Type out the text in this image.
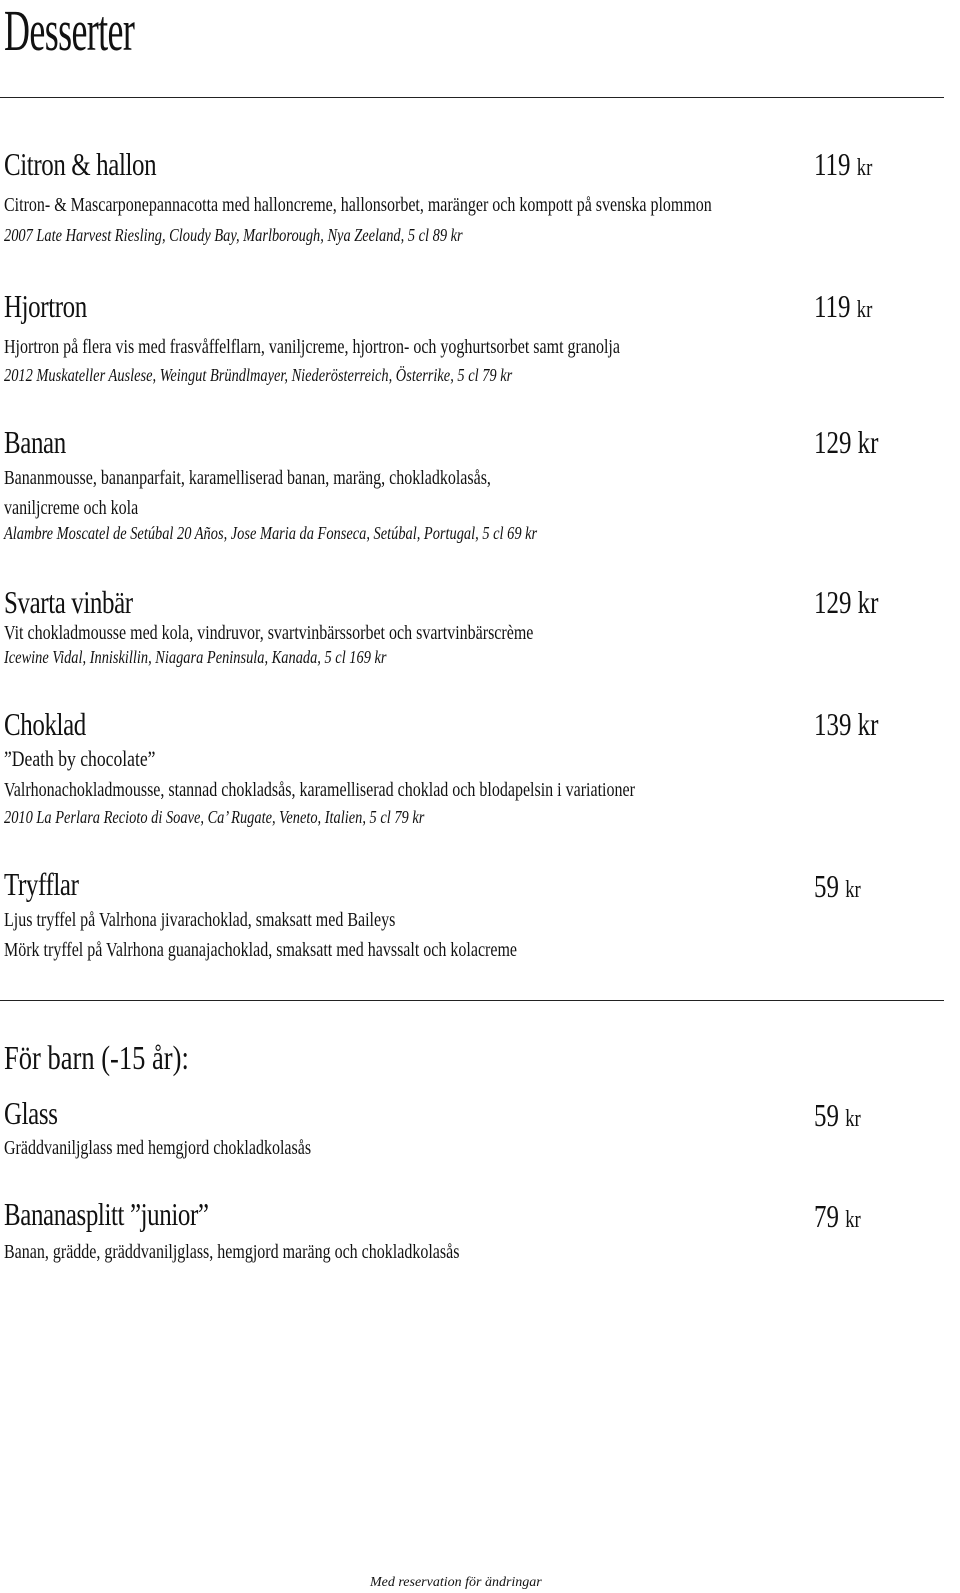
Desserter
Citron & hallon	119 kr
Citron- & Mascarponepannacotta med halloncreme, hallonsorbet, maränger och kompott på svenska plommon
2007 Late Harvest Riesling, Cloudy Bay, Marlborough, Nya Zeeland, 5 cl 89 kr
Hjortron	119 kr
Hjortron på flera vis med frasvåffelflarn, vaniljcreme, hjortron- och yoghurtsorbet samt granolja
2012 Muskateller Auslese, Weingut Bründlmayer, Niederösterreich, Österrike, 5 cl 79 kr
Banan	129 kr
Bananmousse, bananparfait, karamelliserad banan, maräng, chokladkolasås,
vaniljcreme och kola
Alambre Moscatel de Setúbal 20 Años, Jose Maria da Fonseca, Setúbal, Portugal, 5 cl 69 kr
Svarta vinbär	129 kr
Vit chokladmousse med kola, vindruvor, svartvinbärssorbet och svartvinbärscrème
Icewine Vidal, Inniskillin, Niagara Peninsula, Kanada, 5 cl 169 kr
Choklad	139 kr
”Death by chocolate”
Valrhonachokladmousse, stannad chokladsås, karamelliserad choklad och blodapelsin i variationer
2010 La Perlara Recioto di Soave, Ca’ Rugate, Veneto, Italien, 5 cl 79 kr
Tryfflar	59 kr
Ljus tryffel på Valrhona jivarachoklad, smaksatt med Baileys
Mörk tryffel på Valrhona guanajachoklad, smaksatt med havssalt och kolacreme
För barn (-15 år):
Glass	59 kr
Gräddvaniljglass med hemgjord chokladkolasås
Bananasplitt ”junior”	79 kr
Banan, grädde, gräddvaniljglass, hemgjord maräng och chokladkolasås
Med reservation för ändringar
